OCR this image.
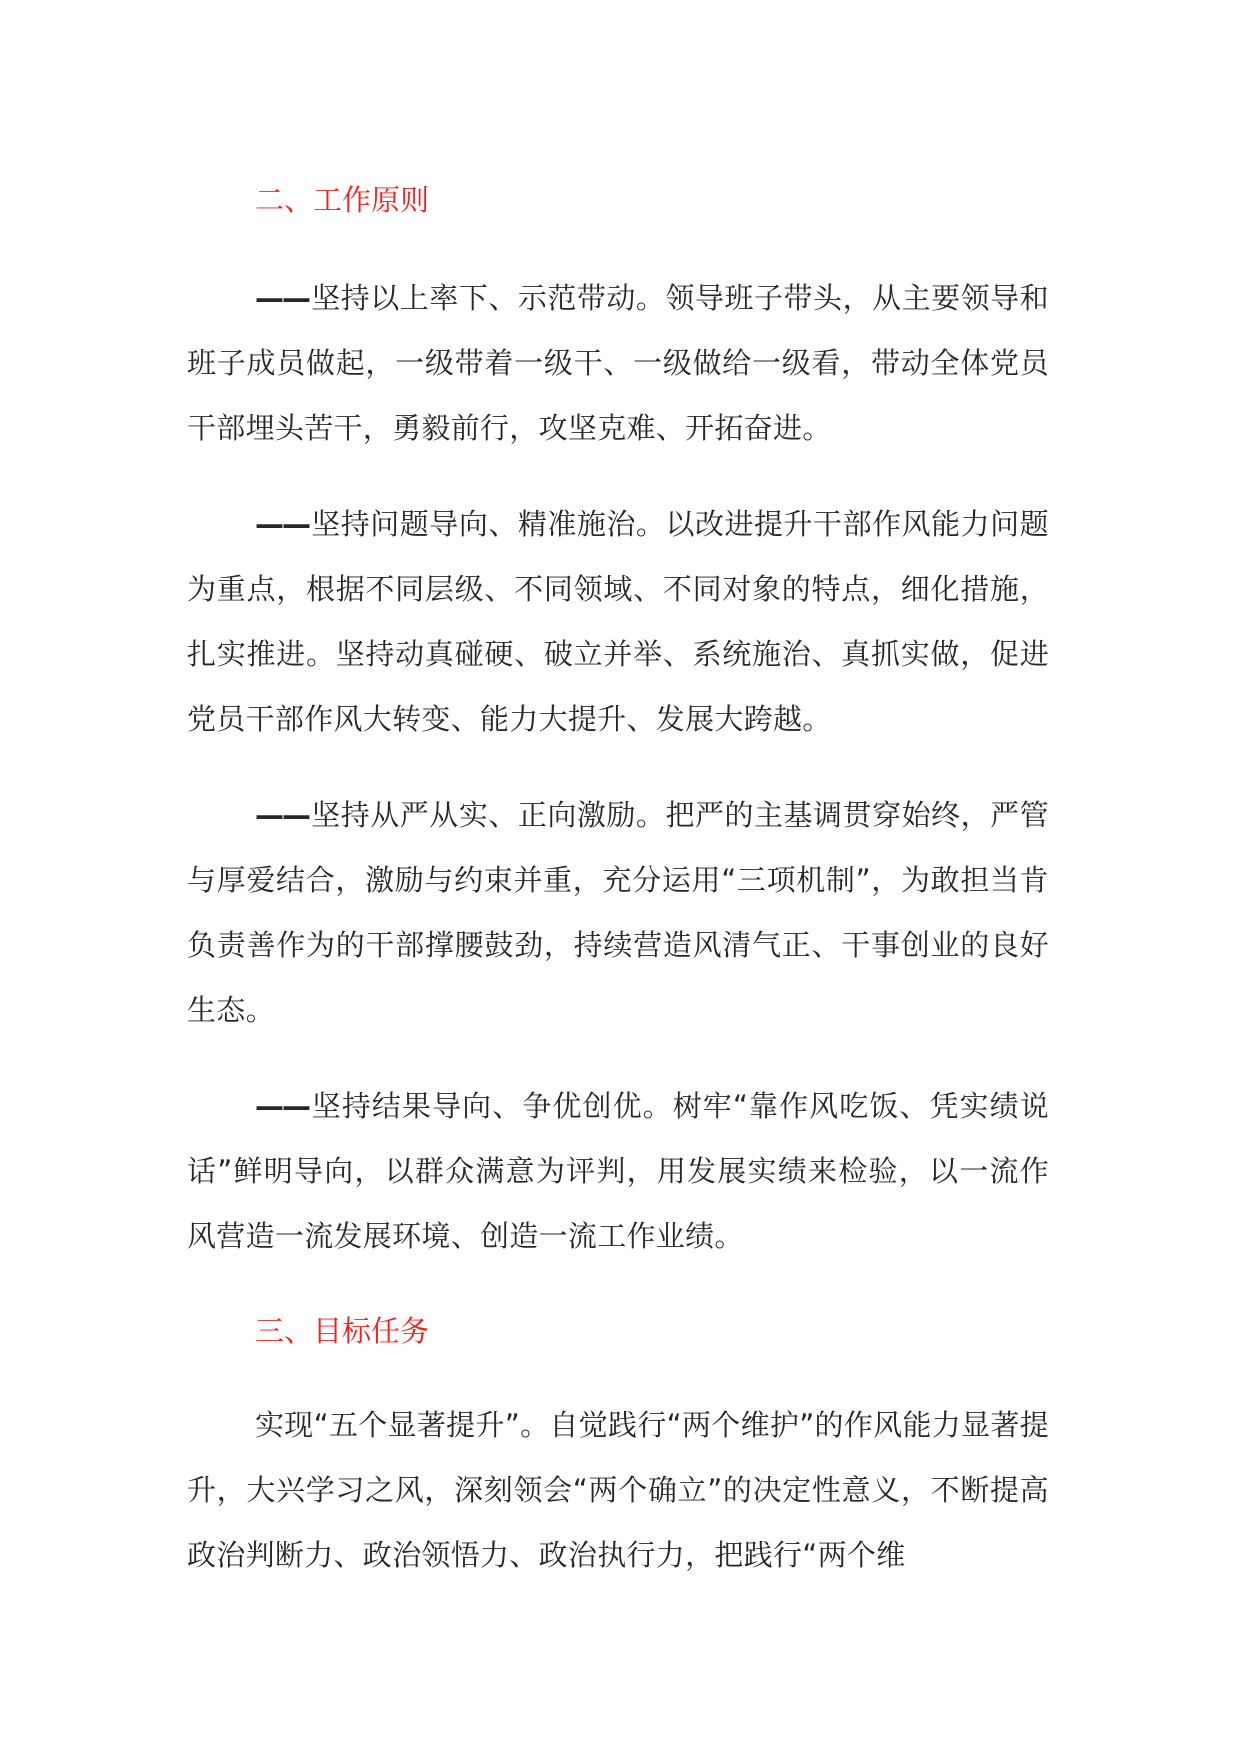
二、工作原则

——坚持以上率下、示范带动。领导班子带头，从主要领导和班子成员做起，一级带着一级干、一级做给一级看，带动全体党员干部埋头苦干，勇毅前行，攻坚克难、开拓奋进。

——坚持问题导向、精准施治。以改进提升干部作风能力问题为重点，根据不同层级、不同领域、不同对象的特点，细化措施，扎实推进。坚持动真碰硬、破立并举、系统施治、真抓实做，促进党员干部作风大转变、能力大提升、发展大跨越。

——坚持从严从实、正向激励。把严的主基调贯穿始终，严管与厚爱结合，激励与约束并重，充分运用“三项机制”，为敢担当肯负责善作为的干部撑腰鼓劲，持续营造风清气正、干事创业的良好生态。

——坚持结果导向、争优创优。树牢“靠作风吃饭、凭实绩说话”鲜明导向，以群众满意为评判，用发展实绩来检验，以一流作风营造一流发展环境、创造一流工作业绩。

三、目标任务

实现“五个显著提升”。自觉践行“两个维护”的作风能力显著提升，大兴学习之风，深刻领会“两个确立”的决定性意义，不断提高政治判断力、政治领悟力、政治执行力，把践行“两个维
